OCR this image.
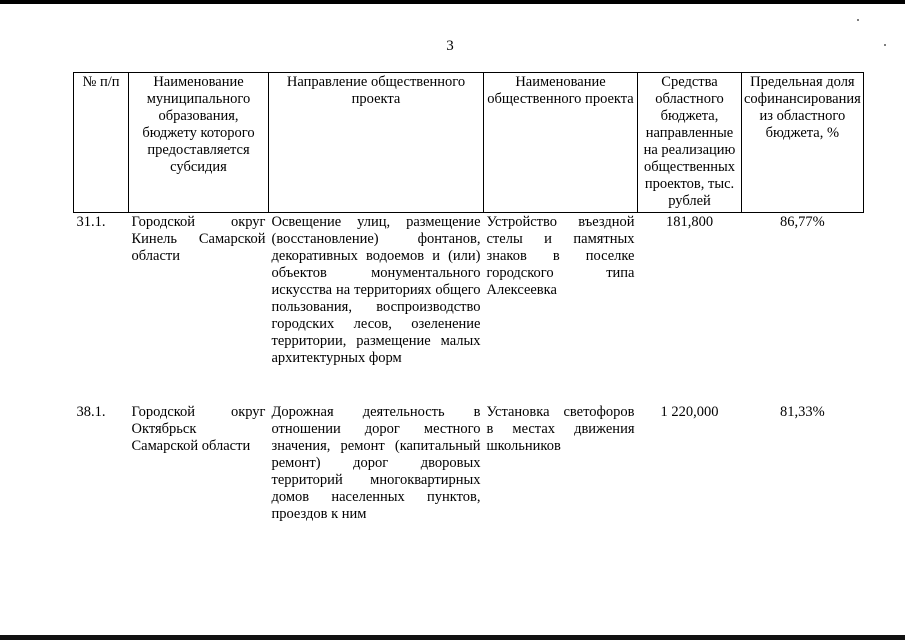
3
№ п/п	Наименование муниципального образования, бюджету которого предоставляется субсидия	Направление общественного проекта	Наименование общественного проекта	Средства областного бюджета, направленные на реализацию общественных проектов, тыс. рублей	Предельная доля софинансирования из областного бюджета, %
31.1.	Городской округ Кинель Самарской области	Освещение улиц, размещение (восстановление) фонтанов, декоративных водоемов и (или) объектов монументального искусства на территориях общего пользования, воспроизводство городских лесов, озеленение территории, размещение малых архитектурных форм	Устройство въездной стелы и памятных знаков в поселке городского типа Алексеевка	181,800	86,77%
38.1.	Городской округ Октябрьск Самарской области	Дорожная деятельность в отношении дорог местного значения, ремонт (капитальный ремонт) дорог дворовых территорий многоквартирных домов населенных пунктов, проездов к ним	Установка светофоров в местах движения школьников	1 220,000	81,33%
